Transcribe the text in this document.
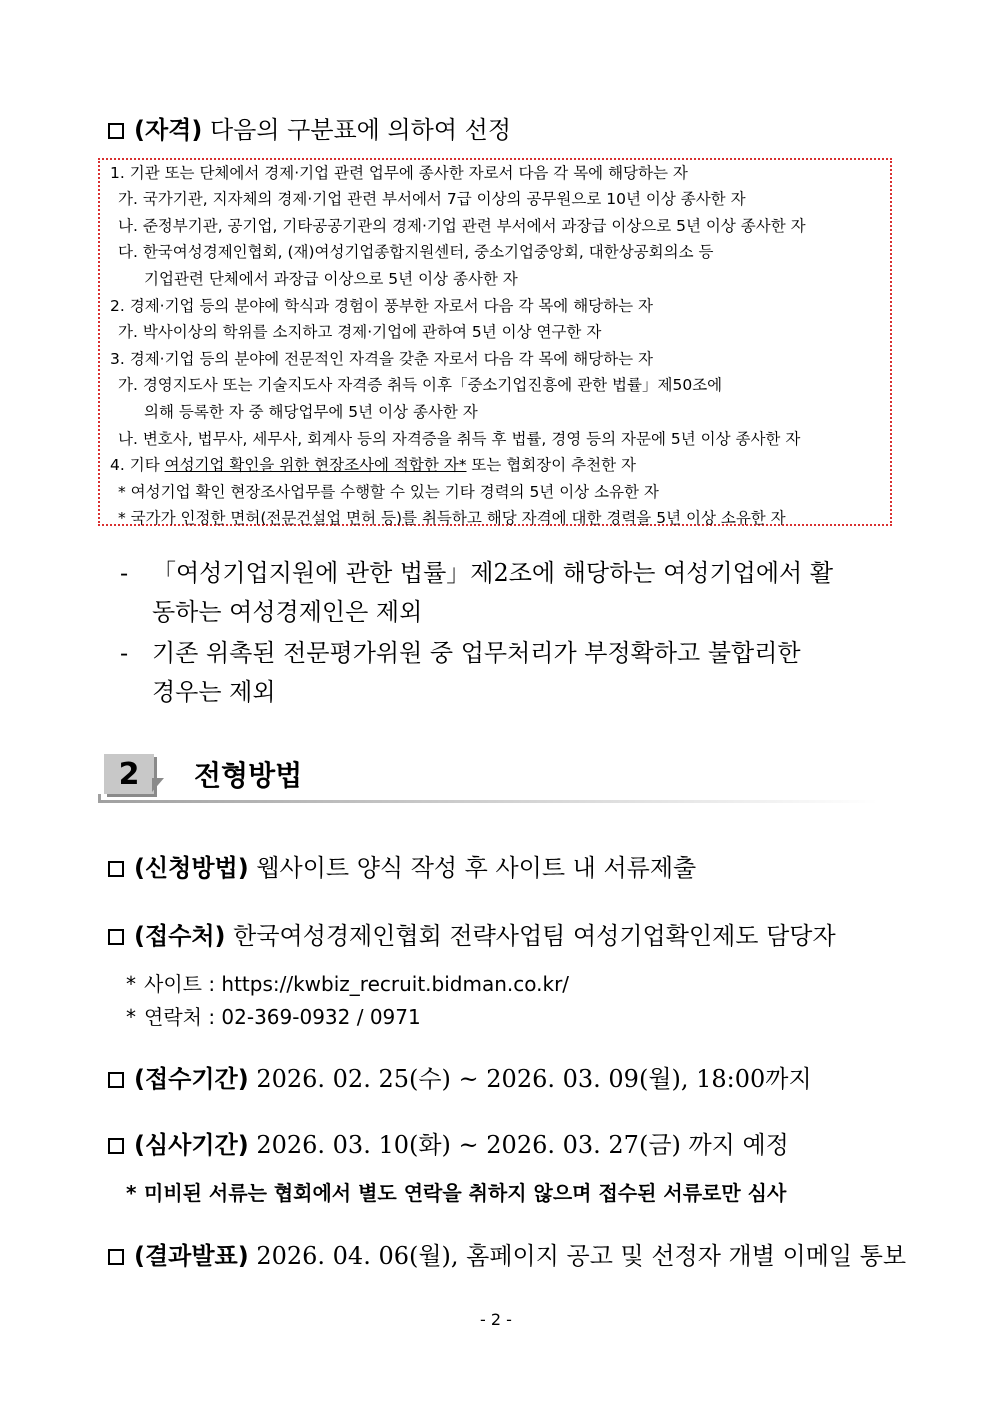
(자격) 다음의 구분표에 의하여 선정
1. 기관 또는 단체에서 경제·기업 관련 업무에 종사한 자로서 다음 각 목에 해당하는 자
가. 국가기관, 지자체의 경제·기업 관련 부서에서 7급 이상의 공무원으로 10년 이상 종사한 자
나. 준정부기관, 공기업, 기타공공기관의 경제·기업 관련 부서에서 과장급 이상으로 5년 이상 종사한 자
다. 한국여성경제인협회, (재)여성기업종합지원센터, 중소기업중앙회, 대한상공회의소 등
기업관련 단체에서 과장급 이상으로 5년 이상 종사한 자
2. 경제·기업 등의 분야에 학식과 경험이 풍부한 자로서 다음 각 목에 해당하는 자
가. 박사이상의 학위를 소지하고 경제·기업에 관하여 5년 이상 연구한 자
3. 경제·기업 등의 분야에 전문적인 자격을 갖춘 자로서 다음 각 목에 해당하는 자
가. 경영지도사 또는 기술지도사 자격증 취득 이후「중소기업진흥에 관한 법률」제50조에
의해 등록한 자 중 해당업무에 5년 이상 종사한 자
나. 변호사, 법무사, 세무사, 회계사 등의 자격증을 취득 후 법률, 경영 등의 자문에 5년 이상 종사한 자
4. 기타 여성기업 확인을 위한 현장조사에 적합한 자* 또는 협회장이 추천한 자
* 여성기업 확인 현장조사업무를 수행할 수 있는 기타 경력의 5년 이상 소유한 자
* 국가가 인정한 면허(전문건설업 면허 등)를 취득하고 해당 자격에 대한 경력을 5년 이상 소유한 자
- 「여성기업지원에 관한 법률」제2조에 해당하는 여성기업에서 활
동하는 여성경제인은 제외
- 기존 위촉된 전문평가위원 중 업무처리가 부정확하고 불합리한
경우는 제외
2	전형방법
(신청방법) 웹사이트 양식 작성 후 사이트 내 서류제출
(접수처) 한국여성경제인협회 전략사업팀 여성기업확인제도 담당자
* 사이트 : https://kwbiz_recruit.bidman.co.kr/
* 연락처 : 02-369-0932 / 0971
(접수기간) 2026. 02. 25(수) ~ 2026. 03. 09(월), 18:00까지
(심사기간) 2026. 03. 10(화) ~ 2026. 03. 27(금) 까지 예정
* 미비된 서류는 협회에서 별도 연락을 취하지 않으며 접수된 서류로만 심사
(결과발표) 2026. 04. 06(월), 홈페이지 공고 및 선정자 개별 이메일 통보
- 2 -
